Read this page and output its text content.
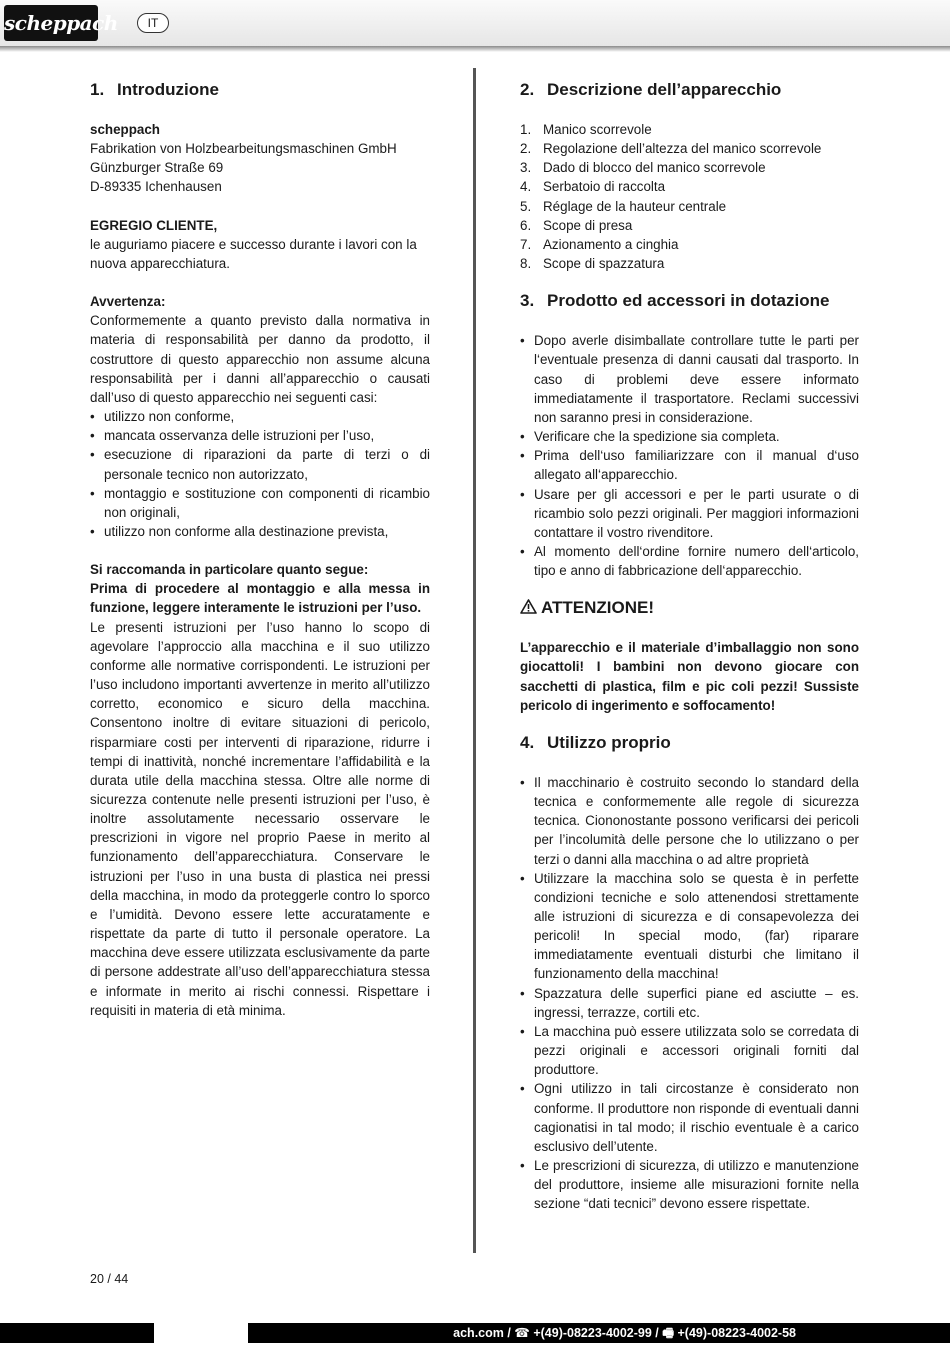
scheppach	IT
1. Introduzione

scheppach

Fabrikation von Holzbearbeitungsmaschinen GmbH

Günzburger Straße 69

D-89335 Ichenhausen

EGREGIO CLIENTE,

le auguriamo piacere e successo durante i lavori con la nuova apparecchiatura.

Avvertenza:

Conformemente a quanto previsto dalla normativa in materia di responsabilità per danno da prodotto, il costruttore di questo apparecchio non assume alcuna responsabilità per i danni all’apparecchio o causati dall’uso di questo apparecchio nei seguenti casi:

• utilizzo non conforme,
• mancata osservanza delle istruzioni per l’uso,
• esecuzione di riparazioni da parte di terzi o di personale tecnico non autorizzato,
• montaggio e sostituzione con componenti di ricambio non originali,
• utilizzo non conforme alla destinazione prevista,

Si raccomanda in particolare quanto segue:

Prima di procedere al montaggio e alla messa in funzione, leggere interamente le istruzioni per l’uso.

Le presenti istruzioni per l’uso hanno lo scopo di agevolare l’approccio alla macchina e il suo utilizzo conforme alle normative corrispondenti. Le istruzioni per l’uso includono importanti avvertenze in merito all’utilizzo corretto, economico e sicuro della macchina. Consentono inoltre di evitare situazioni di pericolo, risparmiare costi per interventi di riparazione, ridurre i tempi di inattività, nonché incrementare l’affidabilità e la durata utile della macchina stessa. Oltre alle norme di sicurezza contenute nelle presenti istruzioni per l’uso, è inoltre assolutamente necessario osservare le prescrizioni in vigore nel proprio Paese in merito al funzionamento dell’apparecchiatura. Conservare le istruzioni per l’uso in una busta di plastica nei pressi della macchina, in modo da proteggerle contro lo sporco e l’umidità. Devono essere lette accuratamente e rispettate da parte di tutto il personale operatore. La macchina deve essere utilizzata esclusivamente da parte di persone addestrate all’uso dell’apparecchiatura stessa e informate in merito ai rischi connessi. Rispettare i requisiti in materia di età minima.

2. Descrizione dell’apparecchio
1. Manico scorrevole
2. Regolazione dell’altezza del manico scorrevole
3. Dado di blocco del manico scorrevole
4. Serbatoio di raccolta
5. Réglage de la hauteur centrale
6. Scope di presa
7. Azionamento a cinghia
8. Scope di spazzatura
3. Prodotto ed accessori in dotazione
• Dopo averle disimballate controllare tutte le parti per l‘eventuale presenza di danni causati dal trasporto. In caso di problemi deve essere informato immediatamente il trasportatore. Reclami successivi non saranno presi in considerazione.
• Verificare che la spedizione sia completa.
• Prima dell‘uso familiarizzare con il manual d‘uso allegato all‘apparecchio.
• Usare per gli accessori e per le parti usurate o di ricambio solo pezzi originali. Per maggiori informazioni contattare il vostro rivenditore.
• Al momento dell‘ordine fornire numero dell‘articolo, tipo e anno di fabbricazione dell‘apparecchio.
ATTENZIONE!

L’apparecchio e il materiale d’imballaggio non sono giocattoli! I bambini non devono giocare con sacchetti di plastica, film e pic coli pezzi! Sussiste pericolo di ingerimento e soffocamento!

4. Utilizzo proprio
• Il macchinario è costruito secondo lo standard della tecnica e conformemente alle regole di sicurezza tecnica. Ciononostante possono verificarsi dei pericoli per l’incolumità delle persone che lo utilizzano o per terzi o danni alla macchina o ad altre proprietà
• Utilizzare la macchina solo se questa è in perfette condizioni tecniche e solo attenendosi strettamente alle istruzioni di sicurezza e di consapevolezza dei pericoli! In special modo, (far) riparare immediatamente eventuali disturbi che limitano il funzionamento della macchina!
• Spazzatura delle superfici piane ed asciutte – es. ingressi, terrazze, cortili etc.
• La macchina può essere utilizzata solo se corredata di pezzi originali e accessori originali forniti dal produttore.
• Ogni utilizzo in tali circostanze è considerato non conforme. Il produttore non risponde di eventuali danni cagionatisi in tal modo; il rischio eventuale è a carico esclusivo dell’utente.
• Le prescrizioni di sicurezza, di utilizzo e manutenzione del produttore, insieme alle misurazioni fornite nella sezione “dati tecnici” devono essere rispettate.
20 / 44
ach.com / ☎ +(49)-08223-4002-99 / 🖷 +(49)-08223-4002-58
